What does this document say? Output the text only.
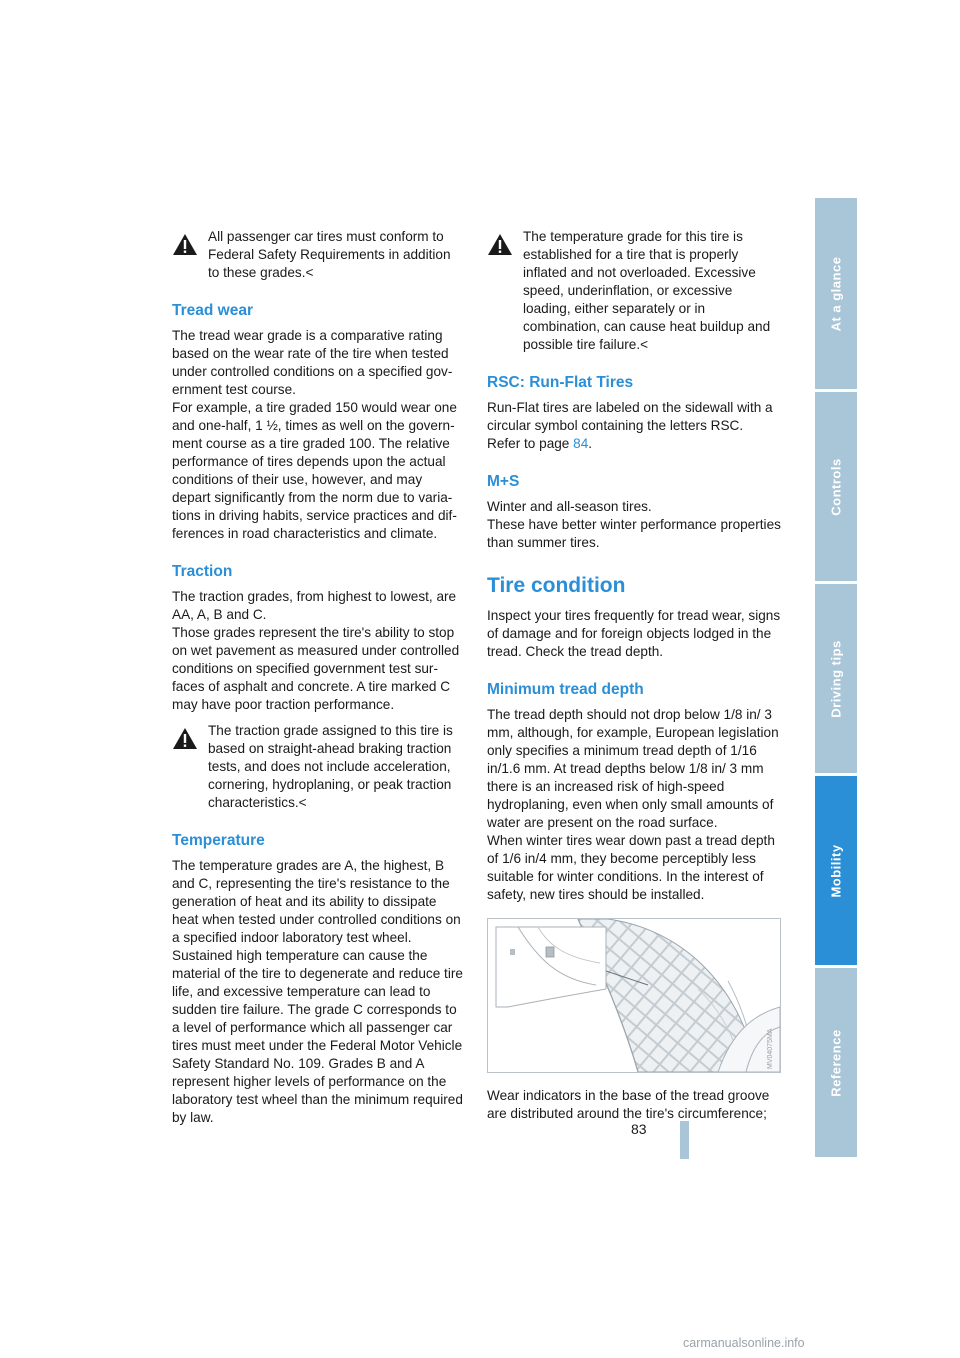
All passenger car tires must conform to Federal Safety Requirements in addition to these grades.<

Tread wear

The tread wear grade is a comparative rating based on the wear rate of the tire when tested under controlled conditions on a specified government test course.

For example, a tire graded 150 would wear one and one-half, 1 ½, times as well on the government course as a tire graded 100. The relative performance of tires depends upon the actual conditions of their use, however, and may depart significantly from the norm due to variations in driving habits, service practices and differences in road characteristics and climate.

Traction

The traction grades, from highest to lowest, are AA, A, B and C.

Those grades represent the tire's ability to stop on wet pavement as measured under controlled conditions on specified government test surfaces of asphalt and concrete. A tire marked C may have poor traction performance.

The traction grade assigned to this tire is based on straight-ahead braking traction tests, and does not include acceleration, cornering, hydroplaning, or peak traction characteristics.<

Temperature

The temperature grades are A, the highest, B and C, representing the tire's resistance to the generation of heat and its ability to dissipate heat when tested under controlled conditions on a specified indoor laboratory test wheel. Sustained high temperature can cause the material of the tire to degenerate and reduce tire life, and excessive temperature can lead to sudden tire failure. The grade C corresponds to a level of performance which all passenger car tires must meet under the Federal Motor Vehicle Safety Standard No. 109. Grades B and A represent higher levels of performance on the laboratory test wheel than the minimum required by law.

The temperature grade for this tire is established for a tire that is properly inflated and not overloaded. Excessive speed, underinflation, or excessive loading, either separately or in combination, can cause heat buildup and possible tire failure.<

RSC: Run-Flat Tires

Run-Flat tires are labeled on the sidewall with a circular symbol containing the letters RSC.

Refer to page 84.

M+S

Winter and all-season tires.

These have better winter performance properties than summer tires.

Tire condition

Inspect your tires frequently for tread wear, signs of damage and for foreign objects lodged in the tread. Check the tread depth.

Minimum tread depth

The tread depth should not drop below 1/8 in/ 3 mm, although, for example, European legislation only specifies a minimum tread depth of 1/16 in/1.6 mm. At tread depths below 1/8 in/ 3 mm there is an increased risk of high-speed hydroplaning, even when only small amounts of water are present on the road surface.

When winter tires wear down past a tread depth of 1/6 in/4 mm, they become perceptibly less suitable for winter conditions. In the interest of safety, new tires should be installed.

MV04075MA

Wear indicators in the base of the tread groove are distributed around the tire's circumference;

At a glance
Controls
Driving tips
Mobility
Reference
83
carmanualsonline.info
